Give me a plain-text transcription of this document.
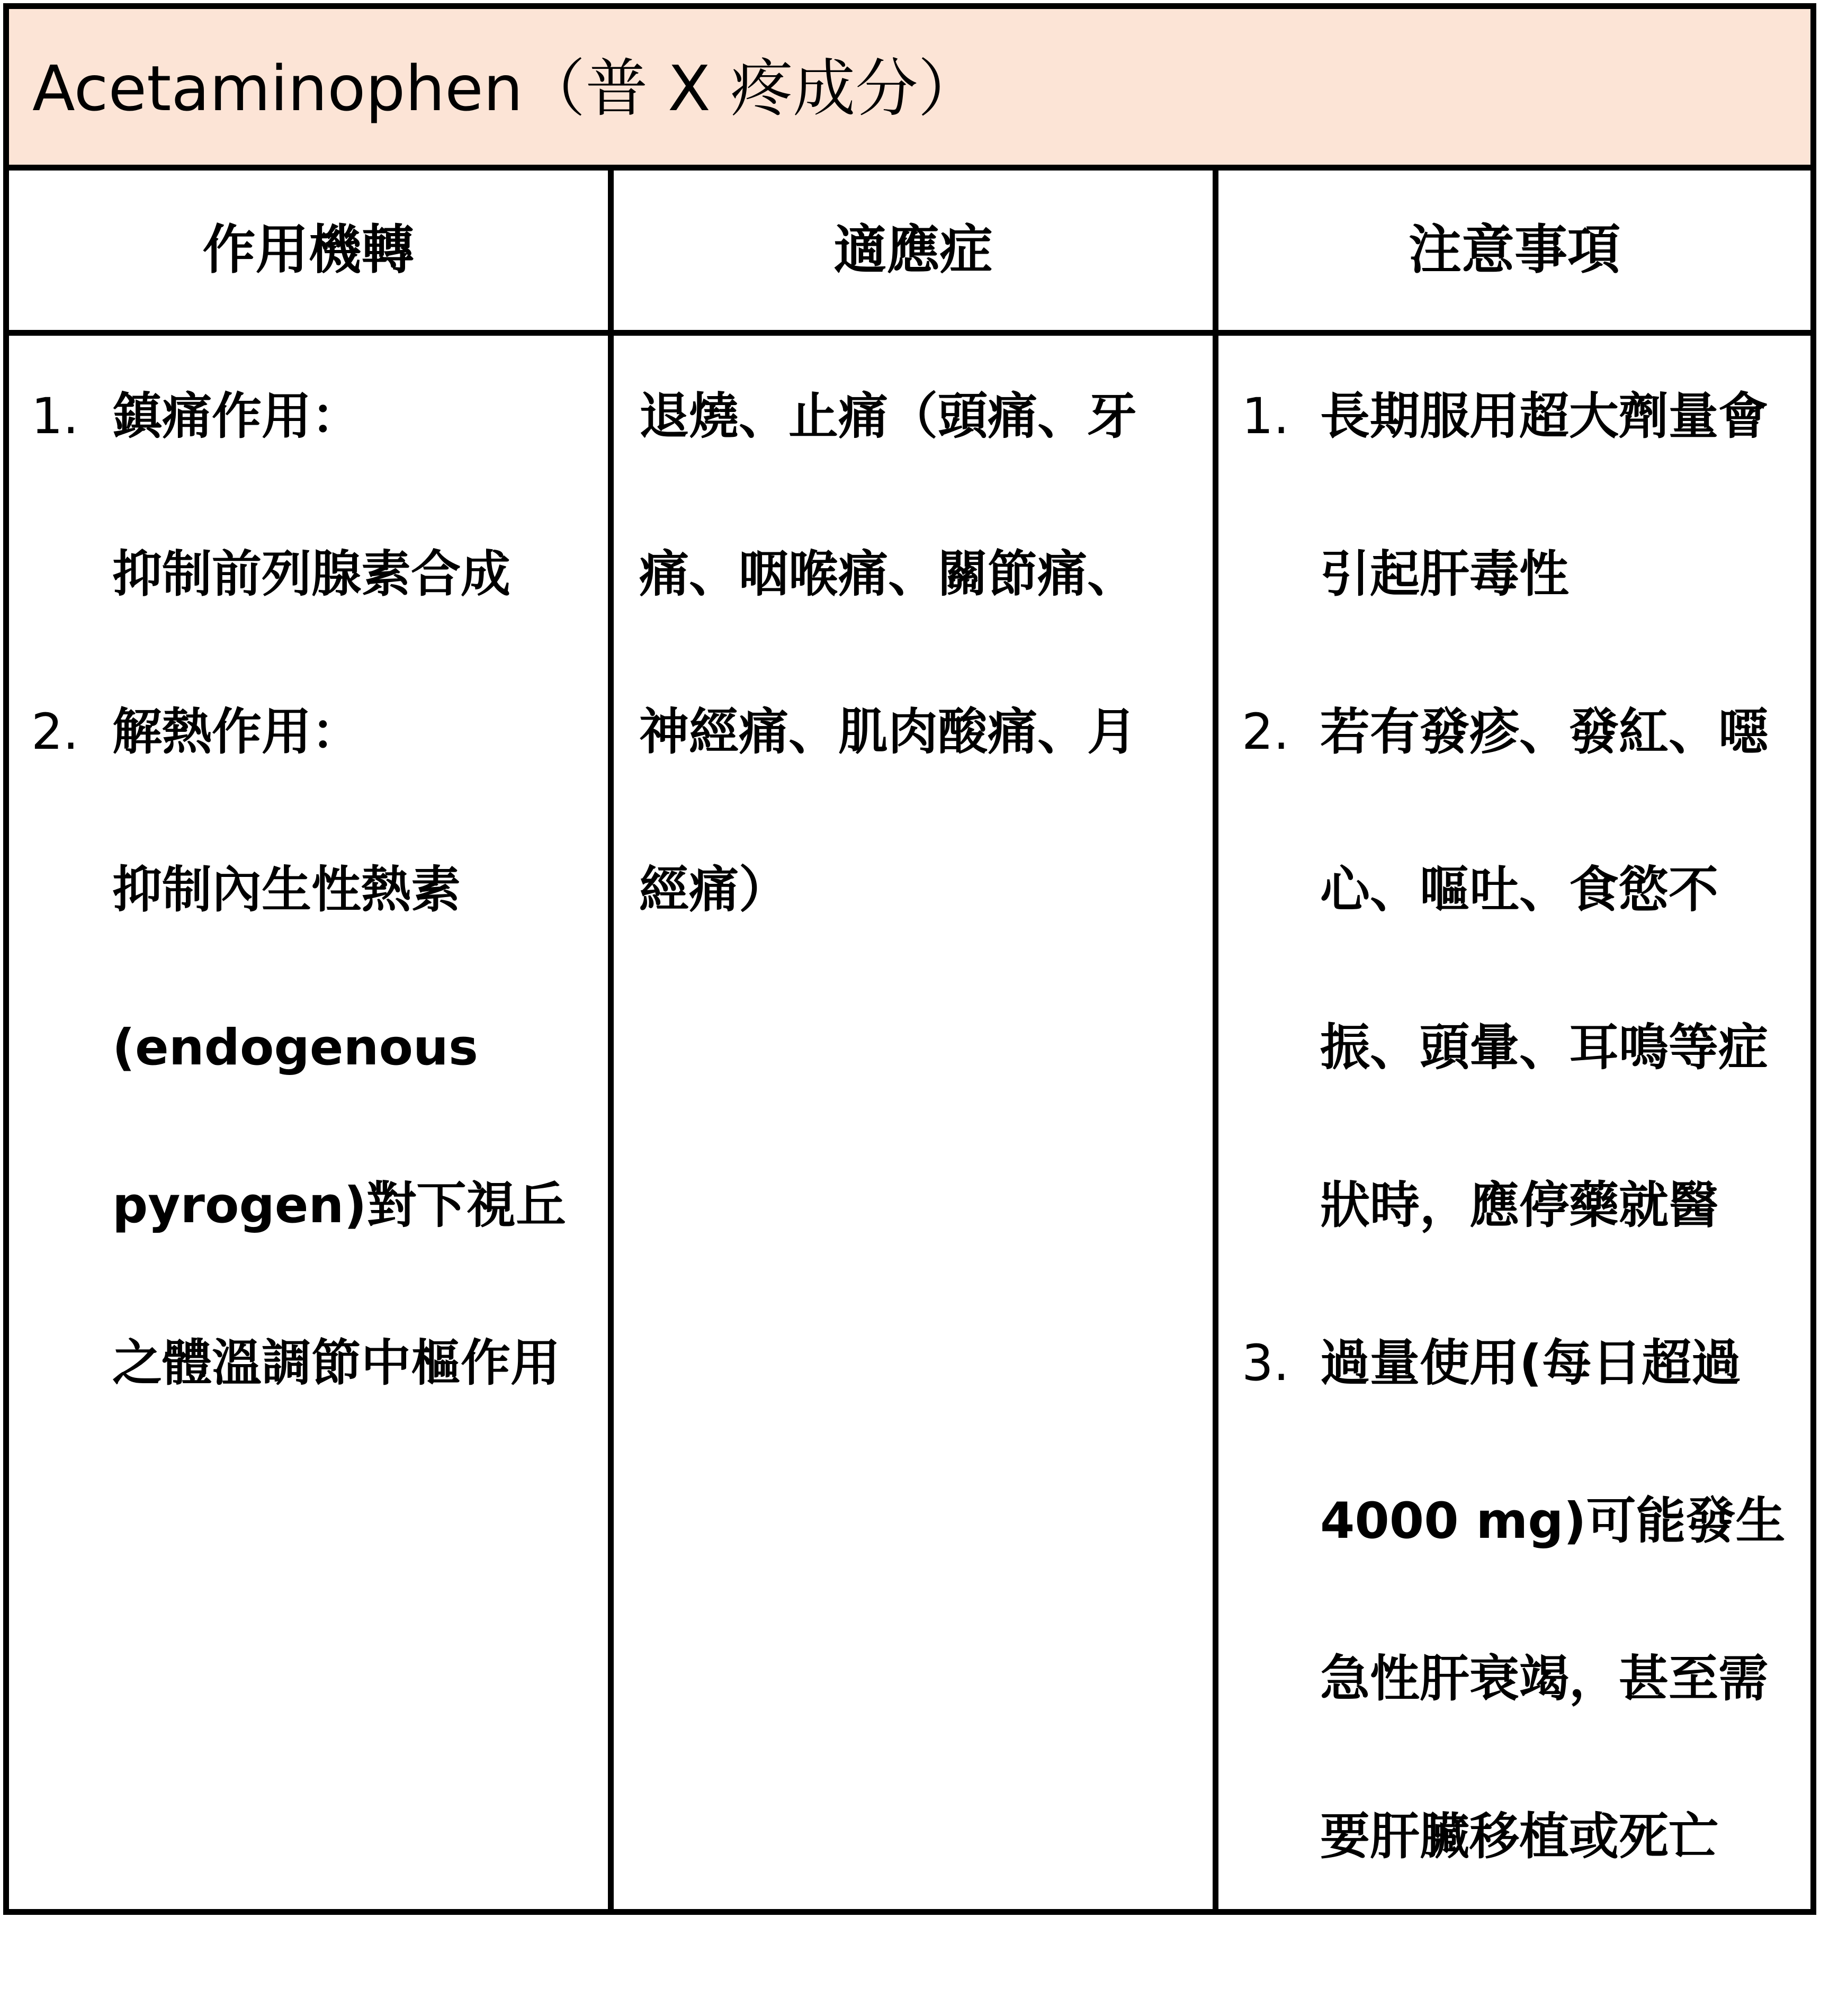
Acetaminophen（普 X 疼成分）
作用機轉
1. 鎮痛作用：
抑制前列腺素合成
2. 解熱作用：
抑制內生性熱素
(endogenous
pyrogen)對下視丘
之體溫調節中樞作用
適應症
退燒、止痛（頭痛、牙
痛、咽喉痛、關節痛、
神經痛、肌肉酸痛、月
經痛）
注意事項
1. 長期服用超大劑量會
引起肝毒性
2. 若有發疹、發紅、噁
心、嘔吐、食慾不
振、頭暈、耳鳴等症
狀時，應停藥就醫
3. 過量使用(每日超過
4000 mg)可能發生
急性肝衰竭，甚至需
要肝臟移植或死亡
